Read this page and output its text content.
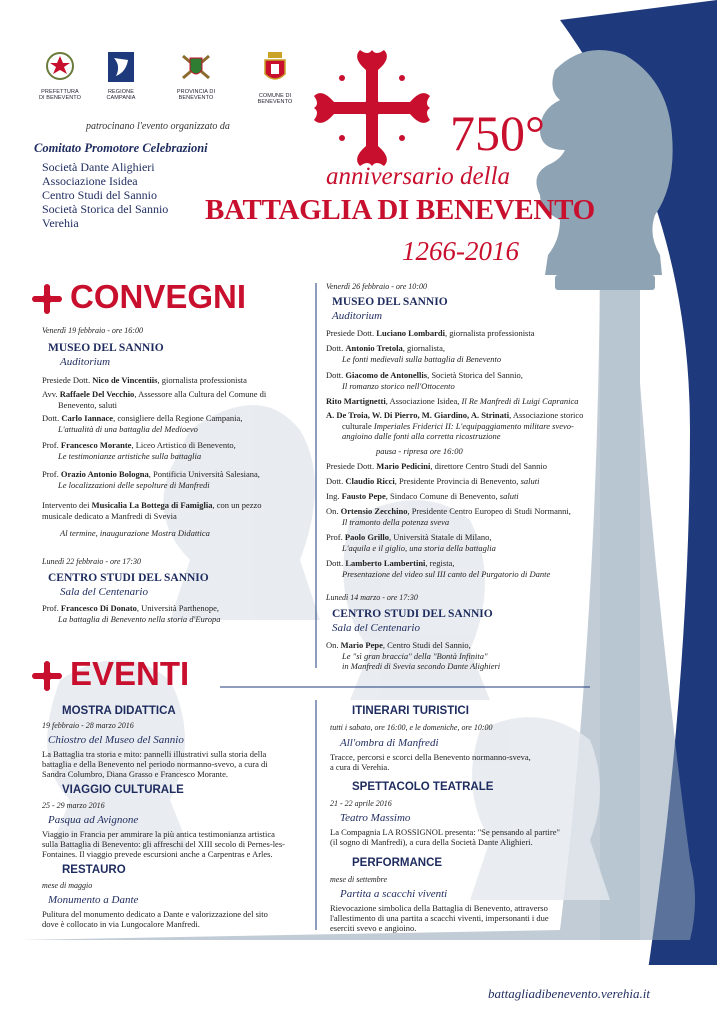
PREFETTURA
DI BENEVENTO
REGIONE CAMPANIA
PROVINCIA DI BENEVENTO	COMUNE DI BENEVENTO
patrocinano l'evento organizzato da
Comitato Promotore Celebrazioni
Società Dante Alighieri
Associazione Isidea
Centro Studi del Sannio
Società Storica del Sannio
Verehia
750°
anniversario della
BATTAGLIA DI BENEVENTO
1266-2016
CONVEGNI
Venerdì 19 febbraio - ore 16:00
MUSEO DEL SANNIO
Auditorium
Presiede Dott. Nico de Vincentiis, giornalista professionista
Avv. Raffaele Del Vecchio, Assessore alla Cultura del Comune di
Benevento, saluti
Dott. Carlo Iannace, consigliere della Regione Campania,
L'attualità di una battaglia del Medioevo
Prof. Francesco Morante, Liceo Artistico di Benevento,
Le testimonianze artistiche sulla battaglia
Prof. Orazio Antonio Bologna, Pontificia Università Salesiana,
Le localizzazioni delle sepolture di Manfredi
Intervento dei Musicalia La Bottega di Famiglia, con un pezzo
musicale dedicato a Manfredi di Svevia
Al termine, inaugurazione Mostra Didattica
Lunedì 22 febbraio - ore 17:30
CENTRO STUDI DEL SANNIO
Sala del Centenario
Prof. Francesco Di Donato, Università Parthenope,
La battaglia di Benevento nella storia d'Europa
Venerdì 26 febbraio - ore 10:00
MUSEO DEL SANNIO
Auditorium
Presiede Dott. Luciano Lombardi, giornalista professionista
Dott. Antonio Tretola, giornalista,
Le fonti medievali sulla battaglia di Benevento
Dott. Giacomo de Antonellis, Società Storica del Sannio,
Il romanzo storico nell'Ottocento
Rito Martignetti, Associazione Isidea, Il Re Manfredi di Luigi Capranica
A. De Troia, W. Di Pierro, M. Giardino, A. Strinati, Associazione storico
culturale Imperiales Friderici II: L'equipaggiamento militare svevo-
angioino dalle fonti alla corretta ricostruzione
pausa - ripresa ore 16:00
Presiede Dott. Mario Pedicini, direttore Centro Studi del Sannio
Dott. Claudio Ricci, Presidente Provincia di Benevento, saluti
Ing. Fausto Pepe, Sindaco Comune di Benevento, saluti
On. Ortensio Zecchino, Presidente Centro Europeo di Studi Normanni,
Il tramonto della potenza sveva
Prof. Paolo Grillo, Università Statale di Milano,
L'aquila e il giglio, una storia della battaglia
Dott. Lamberto Lambertini, regista,
Presentazione del video sul III canto del Purgatorio di Dante
Lunedì 14 marzo - ore 17:30
CENTRO STUDI DEL SANNIO
Sala del Centenario
On. Mario Pepe, Centro Studi del Sannio,
Le "sì gran braccia" della "Bontà Infinita"
in Manfredi di Svevia secondo Dante Alighieri
EVENTI
MOSTRA DIDATTICA
19 febbraio - 28 marzo 2016
Chiostro del Museo del Sannio
La Battaglia tra storia e mito: pannelli illustrativi sulla storia della
battaglia e della Benevento nel periodo normanno-svevo, a cura di
Sandra Columbro, Diana Grasso e Francesco Morante.
VIAGGIO CULTURALE
25 - 29 marzo 2016
Pasqua ad Avignone
Viaggio in Francia per ammirare la più antica testimonianza artistica
sulla Battaglia di Benevento: gli affreschi del XIII secolo di Pernes-les-
Fontaines. Il viaggio prevede escursioni anche a Carpentras e Arles.
RESTAURO
mese di maggio
Monumento a Dante
Pulitura del monumento dedicato a Dante e valorizzazione del sito
dove è collocato in via Lungocalore Manfredi.
ITINERARI TURISTICI
tutti i sabato, ore 16:00, e le domeniche, ore 10:00
All'ombra di Manfredi
Tracce, percorsi e scorci della Benevento normanno-sveva,
a cura di Verehia.
SPETTACOLO TEATRALE
21 - 22 aprile 2016
Teatro Massimo
La Compagnia LA ROSSIGNOL presenta: "Se pensando al partire"
(il sogno di Manfredi), a cura della Società Dante Alighieri.
PERFORMANCE
mese di settembre
Partita a scacchi viventi
Rievocazione simbolica della Battaglia di Benevento, attraverso
l'allestimento di una partita a scacchi viventi, impersonanti i due
eserciti svevo e angioino.
Il programma potrà subire modifiche e integrazioni, con altri eventi e convegni, che saranno comunicati a mezzo stampa.
battagliadibenevento.verehia.it
